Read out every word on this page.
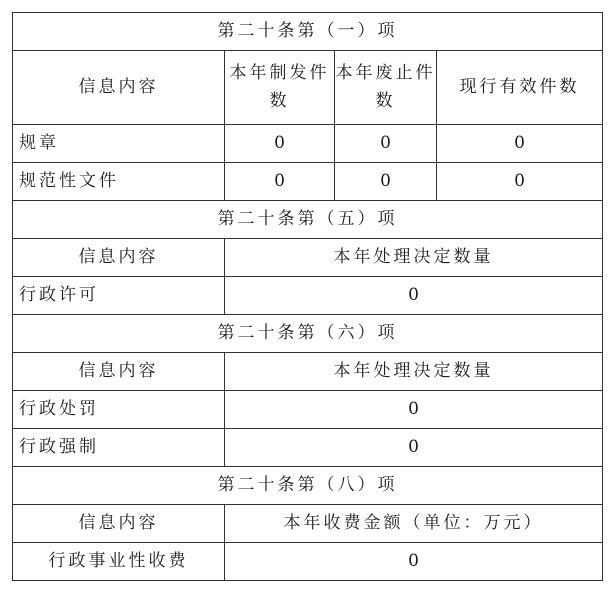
第二十条第（一）项			
信息内容	本年制发件数	本年废止件数	现行有效件数
规章	0	0	0
规范性文件	0	0	0
第二十条第（五）项			
信息内容	本年处理决定数量		
行政许可	0		
第二十条第（六）项			
信息内容	本年处理决定数量		
行政处罚	0		
行政强制	0		
第二十条第（八）项			
信息内容	本年收费金额（单位：万元）		
行政事业性收费	0		
